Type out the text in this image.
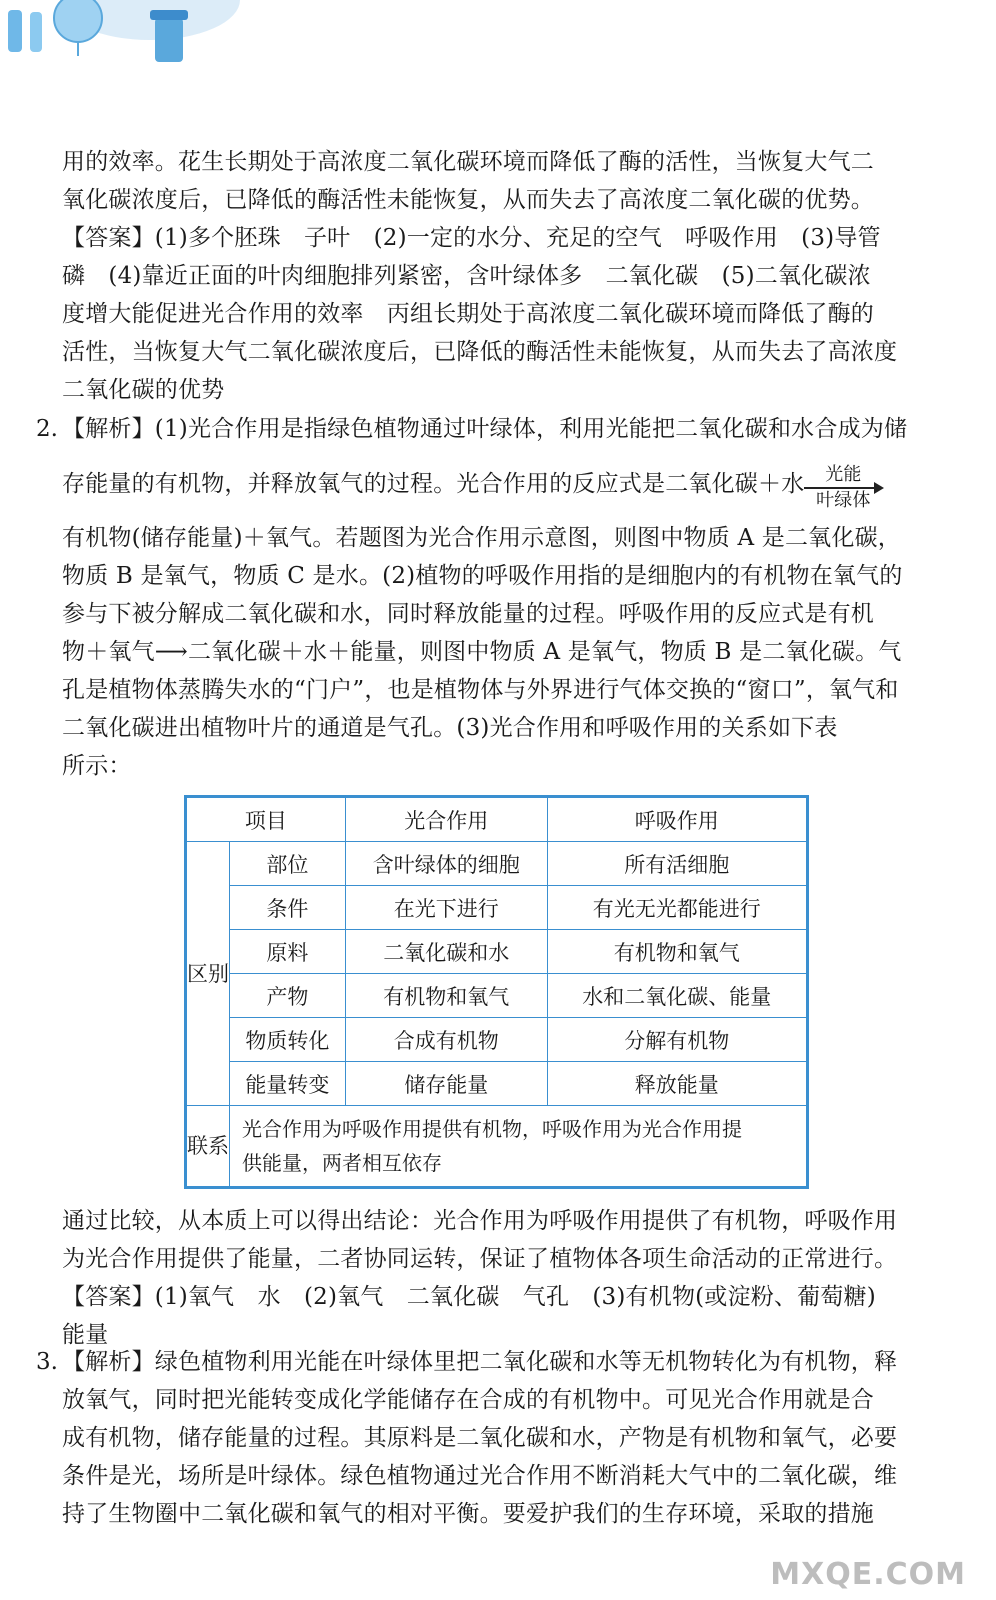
用的效率。花生长期处于高浓度二氧化碳环境而降低了酶的活性，当恢复大气二
氧化碳浓度后，已降低的酶活性未能恢复，从而失去了高浓度二氧化碳的优势。
【答案】(1)多个胚珠　子叶　(2)一定的水分、充足的空气　呼吸作用　(3)导管
磷　(4)靠近正面的叶肉细胞排列紧密，含叶绿体多　二氧化碳　(5)二氧化碳浓
度增大能促进光合作用的效率　丙组长期处于高浓度二氧化碳环境而降低了酶的
活性，当恢复大气二氧化碳浓度后，已降低的酶活性未能恢复，从而失去了高浓度
二氧化碳的优势
2. 【解析】(1)光合作用是指绿色植物通过叶绿体，利用光能把二氧化碳和水合成为储
存能量的有机物，并释放氧气的过程。光合作用的反应式是二氧化碳＋水	光能
叶绿体
有机物(储存能量)＋氧气。若题图为光合作用示意图，则图中物质 A 是二氧化碳，
物质 B 是氧气，物质 C 是水。(2)植物的呼吸作用指的是细胞内的有机物在氧气的
参与下被分解成二氧化碳和水，同时释放能量的过程。呼吸作用的反应式是有机
物＋氧气⟶二氧化碳＋水＋能量，则图中物质 A 是氧气，物质 B 是二氧化碳。气
孔是植物体蒸腾失水的“门户”，也是植物体与外界进行气体交换的“窗口”，氧气和
二氧化碳进出植物叶片的通道是气孔。(3)光合作用和呼吸作用的关系如下表
所示：
项目		光合作用	呼吸作用

区别	部位	含叶绿体的细胞	所有活细胞
	条件	在光下进行	有光无光都能进行
	原料	二氧化碳和水	有机物和氧气
	产物	有机物和氧气	水和二氧化碳、能量
	物质转化	合成有机物	分解有机物
	能量转变	储存能量	释放能量

联系	光合作用为呼吸作用提供有机物，呼吸作用为光合作用提
供能量，两者相互依存		
通过比较，从本质上可以得出结论：光合作用为呼吸作用提供了有机物，呼吸作用
为光合作用提供了能量，二者协同运转，保证了植物体各项生命活动的正常进行。
【答案】(1)氧气　水　(2)氧气　二氧化碳　气孔　(3)有机物(或淀粉、葡萄糖)
能量
3. 【解析】绿色植物利用光能在叶绿体里把二氧化碳和水等无机物转化为有机物，释
放氧气，同时把光能转变成化学能储存在合成的有机物中。可见光合作用就是合
成有机物，储存能量的过程。其原料是二氧化碳和水，产物是有机物和氧气，必要
条件是光，场所是叶绿体。绿色植物通过光合作用不断消耗大气中的二氧化碳，维
持了生物圈中二氧化碳和氧气的相对平衡。要爱护我们的生存环境，采取的措施
MXQE.COM
